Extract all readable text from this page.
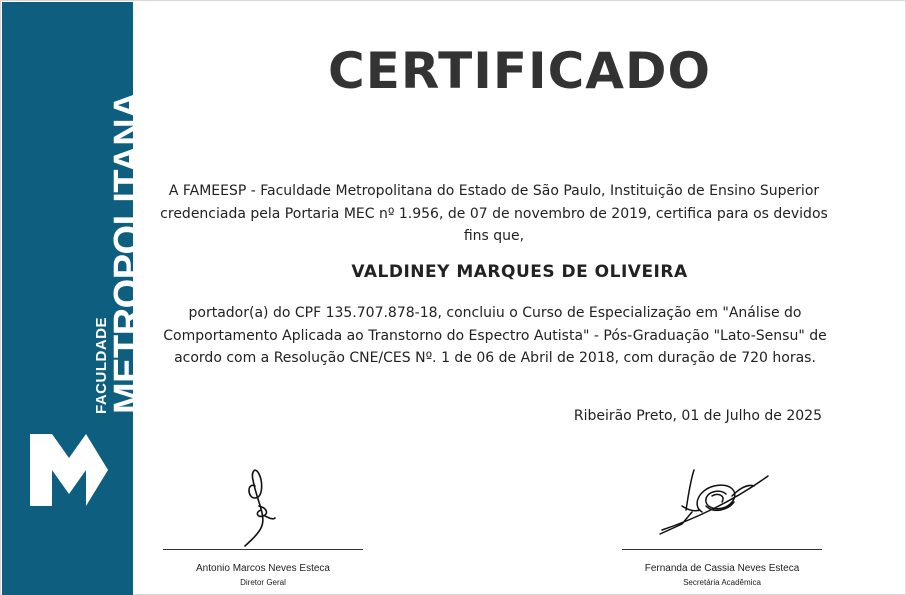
FACULDADE
METROPOLITANA
CERTIFICADO
A FAMEESP - Faculdade Metropolitana do Estado de São Paulo, Instituição de Ensino Superior credenciada pela Portaria MEC nº 1.956, de 07 de novembro de 2019, certifica para os devidos fins que,
VALDINEY MARQUES DE OLIVEIRA
portador(a) do CPF 135.707.878-18, concluiu o Curso de Especialização em "Análise do Comportamento Aplicada ao Transtorno do Espectro Autista" - Pós-Graduação "Lato-Sensu" de acordo com a Resolução CNE/CES Nº. 1 de 06 de Abril de 2018, com duração de 720 horas.
Ribeirão Preto, 01 de Julho de 2025
Antonio Marcos Neves Esteca
Diretor Geral
Fernanda de Cassia Neves Esteca
Secretária Acadêmica
